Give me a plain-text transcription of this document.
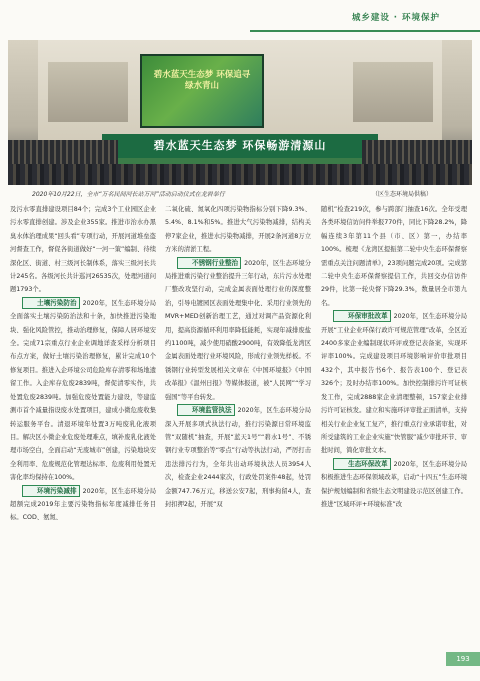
城乡建设 · 环境保护
碧水蓝天生态梦 环保追寻绿水青山
碧水蓝天生态梦 环保畅游清源山
2020年10月22日，全市“万名民间河长站万河”活动启动仪式在龙岩举行	（区生态环境局供稿）

及污水零直排建设项目84个；完成3个工业园区企业污水零直排创建。涉及企业355家。推进市治水办黑臭水体治理成果“回头看”专项行动，开展河道堆垒盗河督查工作，督促各街道做好“一河一策”编制、待续深化区、街道、村三级河长制体系，落实三级河长共计245名。各级河长共计巡河26535次，处理河道问题1793个。

土壤污染防治 2020年，区生态环境分局全面落实土壤污染防治法和十条，加快推进污染地块、强化风险管控，推动治理修复，保障人居环境安全。完成71宗重点行业企业调地详查采样分析项目布点方案，做好土壤污染治理修复，累计完成10个修复项目。推进入企环境公司危险库存清零和场地遗留工作。入企库存危废2839吨，督促清零实作，共处置危废2839吨。加强危废处置能力建设，等建监测市首个减量指设废水处置项目，建成小微危废收集转运服务平台。清退环境年处置3万吨废乳化液项目。解决区小微企业危废处理难点，填补废乳化液处理市场空白，全面启动“无废城市”创建，污染地块安全利用率、危废规范化管理达标率、危废利用处置无害化率均保持在100%。

环境污染减排 2020年，区生态环境分局超额完成2019年主要污染物指标年度减排任务目标。COD、氨氮、

二氧化硫、氮氧化四项污染物指标分别下降9.3%、5.4%、8.1%和5%。推进大气污染物减排，结构关停7家企业，推进水污染物减排，开展2条河道8万立方米的清淤工程。

不锈钢行业整治 2020年，区生态环境分局推进重污染行业整治提升三年行动，东片污水处理厂整改攻坚行动，完成金属表面处理行业的深度整治，引导电镀园区表面处理集中化、采用行业领先的MVR+MED创新治理工艺，通过对调产品资源化利用，提高资源循环利用率降低能耗，实现年减排废盐约1100吨，减少使用硝酸2900吨，有效降低龙湾区金属表面处理行业环境风险，形成行业领先样板。不锈钢行业转型发展相关文章在《中国环境报》《中国改革报》《温州日报》等媒体报道，被“人民网”“学习强国”等平台转发。

环境监管执法 2020年，区生态环境分局深入开展多项式执法行动，推行污染源日常环境监管“双随机”抽查，开展“蓝天1号”“碧水1号”、不锈钢行业专项整治等“零点”行动等执法行动，严厉打击违法排污行为，全年共出动环境执法人员3954人次，检查企业2444家次，行政处罚案件48起，处罚金额747.76万元，移送公安7起，刑事拘留4人，查封扣押2起，开展“双

随机”检查219次，参与跨部门抽查16次。全年受理各类环境信访问件举报770件，同比下降28.2%，降幅连续3年第11个县（市、区）第一，办结率100%。梳理《龙湾区提振第二轮中央生态环保督察需重点关注问题清单》，23项问题完成20项。完成第二轮中央生态环保督察提信工作，共回交办信访件29件，比第一轮央督下降29.3%，数量居全市第九名。

环保审批改革 2020年，区生态环境分局开展“工业企业环保行政许可规范管理”改革，全区近2400多家企业编制现状环评或登记表备案，实现环评率100%。完成建设项目环境影响评价审批项目432个，其中报告书6个、报告表100个、登记表326个；及时办结率100%。加快控制排污许可证核发工作，完成2888家企业清理整顿，157家企业排污许可证核发。建立和实施环评审批正面清单，支持相关行业企业复工复产，推行重点行业承诺审批，对所受建筑的工业企业实施“快管服”减少审批环节、审批时间，简化审批文本。

生态环保改革 2020年，区生态环境分局积极推进生态环保领域改革，启动“十四五”生态环境保护规划编制和省级生态文明建设示范区创建工作。推进“区域环评+环境标准”改

193
